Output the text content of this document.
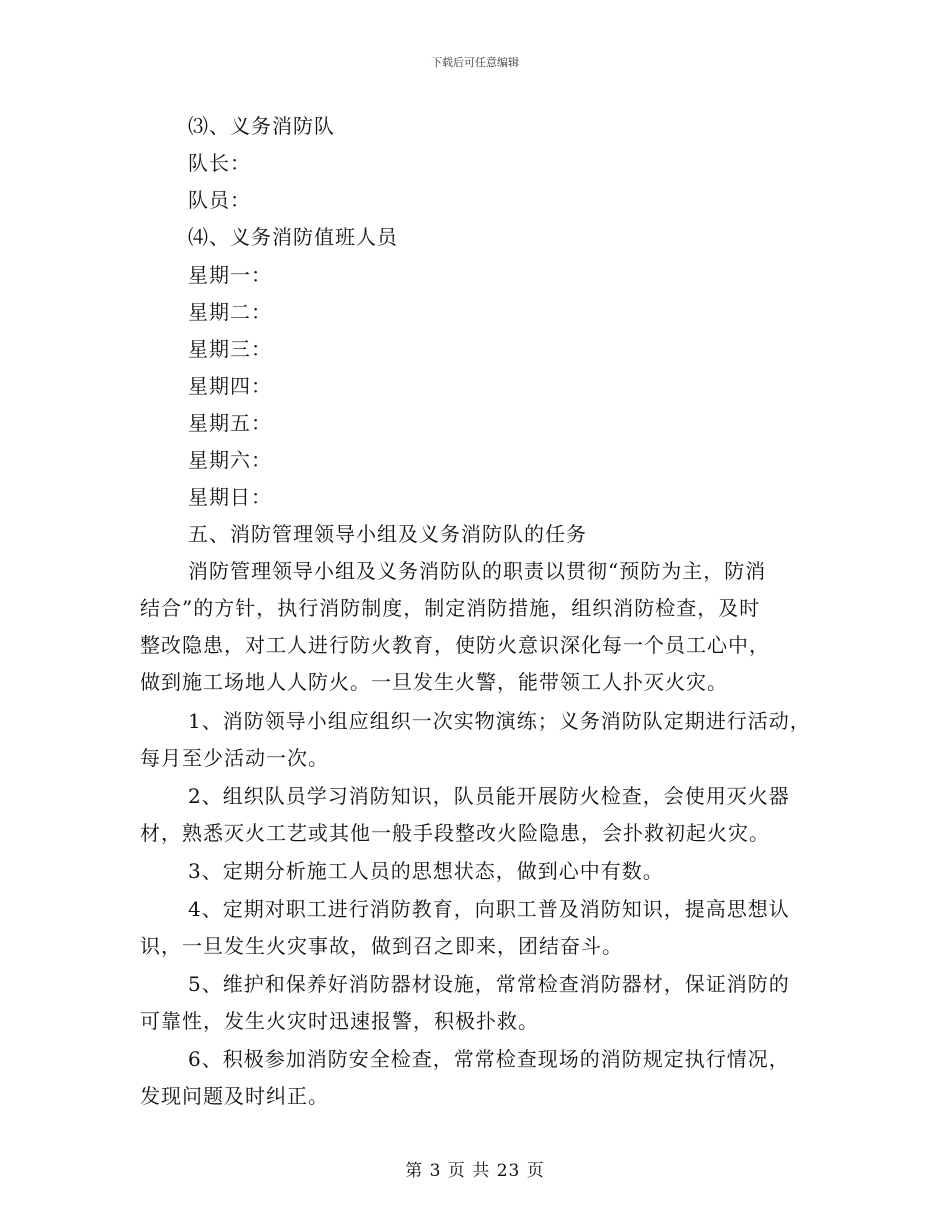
下载后可任意编辑
⑶、义务消防队
队长：
队员：
⑷、义务消防值班人员
星期一：
星期二：
星期三：
星期四：
星期五：
星期六：
星期日：
五、消防管理领导小组及义务消防队的任务
消防管理领导小组及义务消防队的职责以贯彻“预防为主，防消
结合”的方针，执行消防制度，制定消防措施，组织消防检查，及时
整改隐患，对工人进行防火教育，使防火意识深化每一个员工心中，
做到施工场地人人防火。一旦发生火警，能带领工人扑灭火灾。
1、消防领导小组应组织一次实物演练；义务消防队定期进行活动，
每月至少活动一次。
2、组织队员学习消防知识，队员能开展防火检查，会使用灭火器
材，熟悉灭火工艺或其他一般手段整改火险隐患，会扑救初起火灾。
3、定期分析施工人员的思想状态，做到心中有数。
4、定期对职工进行消防教育，向职工普及消防知识，提高思想认
识，一旦发生火灾事故，做到召之即来，团结奋斗。
5、维护和保养好消防器材设施，常常检查消防器材，保证消防的
可靠性，发生火灾时迅速报警，积极扑救。
6、积极参加消防安全检查，常常检查现场的消防规定执行情况，
发现问题及时纠正。
第 3 页 共 23 页
